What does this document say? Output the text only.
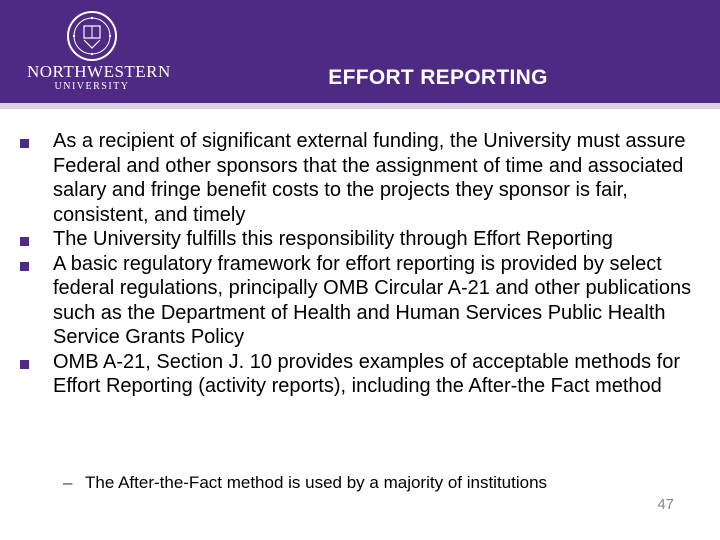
NORTHWESTERN
UNIVERSITY	EFFORT REPORTING
As a recipient of significant external funding, the University must assure Federal and other sponsors that the assignment of time and associated salary and fringe benefit costs to the projects they sponsor is fair, consistent, and timely
The University fulfills this responsibility through Effort Reporting
A basic regulatory framework for effort reporting is provided by select federal regulations, principally OMB Circular A-21 and other publications such as the Department of Health and Human Services Public Health Service Grants Policy
OMB A-21, Section J. 10 provides examples of acceptable methods for Effort Reporting (activity reports), including the After-the Fact method
– The After-the-Fact method is used by a majority of institutions
47
